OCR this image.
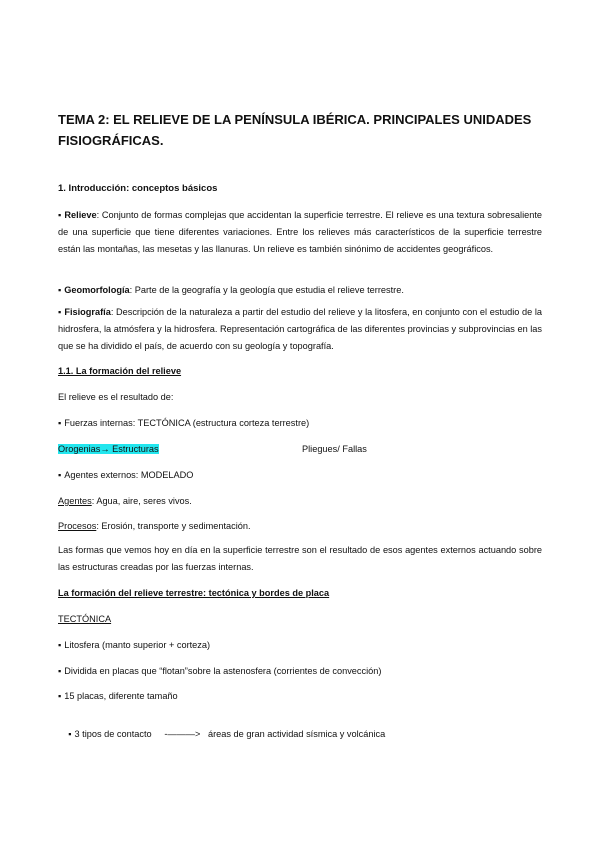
TEMA 2: EL RELIEVE DE LA PENÍNSULA IBÉRICA. PRINCIPALES UNIDADES FISIOGRÁFICAS.
1. Introducción: conceptos básicos
▪ Relieve: Conjunto de formas complejas que accidentan la superficie terrestre. El relieve es una textura sobresaliente de una superficie que tiene diferentes variaciones. Entre los relieves más característicos de la superficie terrestre están las montañas, las mesetas y las llanuras. Un relieve es también sinónimo de accidentes geográficos.
▪ Geomorfología: Parte de la geografía y la geología que estudia el relieve terrestre.
▪ Fisiografía: Descripción de la naturaleza a partir del estudio del relieve y la litosfera, en conjunto con el estudio de la hidrosfera, la atmósfera y la hidrosfera. Representación cartográfica de las diferentes provincias y subprovincias en las que se ha dividido el país, de acuerdo con su geología y topografía.
1.1. La formación del relieve
El relieve es el resultado de:
▪ Fuerzas internas: TECTÓNICA (estructura corteza terrestre)
Orogenias→ Estructuras	Pliegues/ Fallas
▪ Agentes externos: MODELADO
Agentes: Agua, aire, seres vivos.
Procesos: Erosión, transporte y sedimentación.
Las formas que vemos hoy en día en la superficie terrestre son el resultado de esos agentes externos actuando sobre las estructuras creadas por las fuerzas internas.
La formación del relieve terrestre: tectónica y bordes de placa
TECTÓNICA
▪ Litosfera (manto superior + corteza)
▪ Dividida en placas que “flotan”sobre la astenosfera (corrientes de convección)
▪ 15 placas, diferente tamaño

▪ 3 tipos de contacto     -———>   áreas de gran actividad sísmica y volcánica
